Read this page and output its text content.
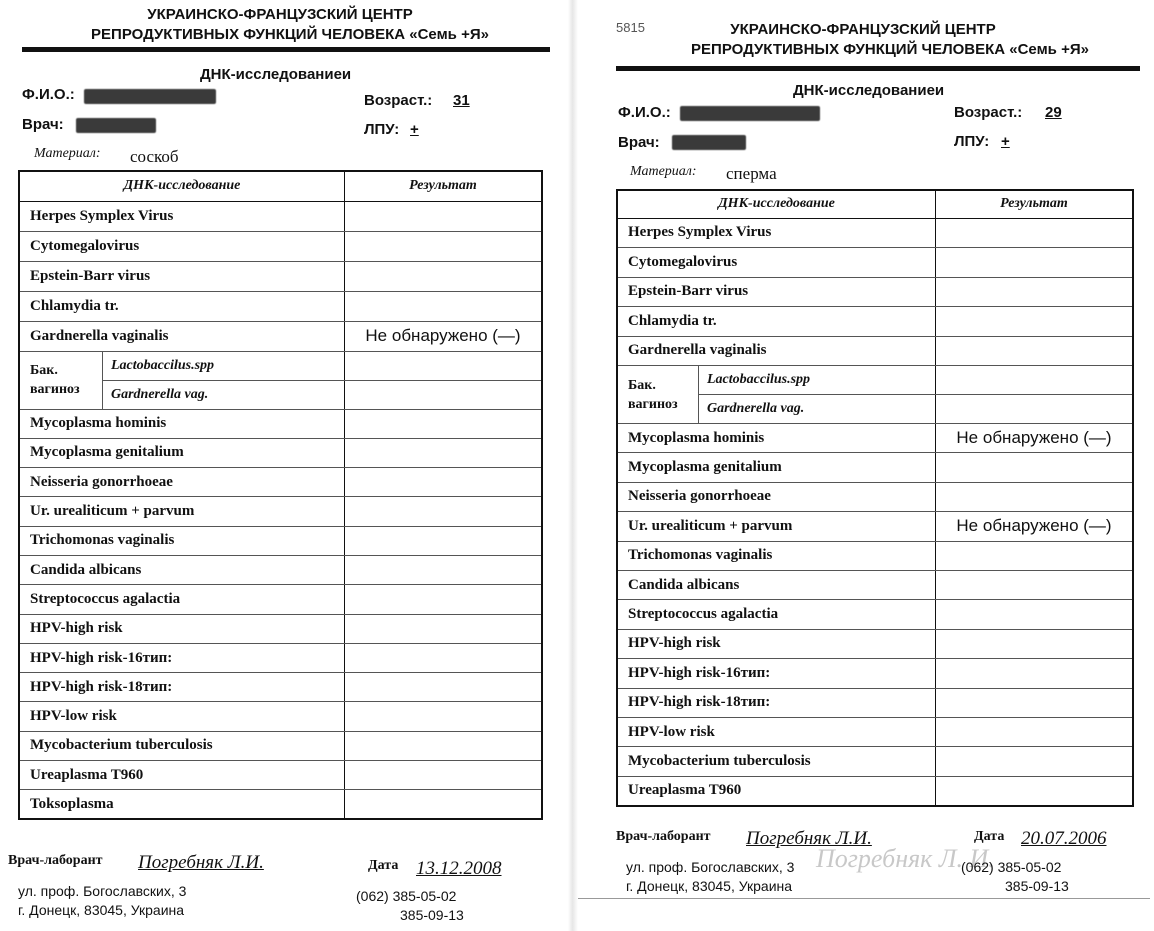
УКРАИНСКО-ФРАНЦУЗСКИЙ ЦЕНТР
РЕПРОДУКТИВНЫХ ФУНКЦИЙ ЧЕЛОВЕКА «Семь +Я»
ДНК-исследованиеи
Ф.И.О.:
Врач:
Возраст.: 31
ЛПУ: +
Материал: соскоб
ДНК-исследование		Результат
Herpes Symplex Virus		
Cytomegalovirus		
Epstein-Barr virus		
Chlamydia tr.		
Gardnerella vaginalis		Не обнаружено (—)
Бак.
вагиноз	Lactobaccilus.spp	
	Gardnerella vag.	
Mycoplasma hominis		
Mycoplasma genitalium		
Neisseria gonorrhoeae		
Ur. urealiticum + parvum		
Trichomonas vaginalis		
Candida albicans		
Streptococcus agalactia		
HPV-high risk		
HPV-high risk-16тип:		
HPV-high risk-18тип:		
HPV-low risk		
Mycobacterium tuberculosis		
Ureaplasma T960		
Toksoplasma		
Врач-лаборант Погребняк Л.И.	Дата 13.12.2008
ул. проф. Богославских, 3
г. Донецк, 83045, Украина
(062) 385-05-02
385-09-13
5815	УКРАИНСКО-ФРАНЦУЗСКИЙ ЦЕНТР
РЕПРОДУКТИВНЫХ ФУНКЦИЙ ЧЕЛОВЕКА «Семь +Я»
ДНК-исследованиеи
Ф.И.О.:
Врач:
Возраст.: 29
ЛПУ: +
Материал: сперма
ДНК-исследование		Результат
Herpes Symplex Virus		
Cytomegalovirus		
Epstein-Barr virus		
Chlamydia tr.		
Gardnerella vaginalis		
Бак.
вагиноз	Lactobaccilus.spp	
	Gardnerella vag.	
Mycoplasma hominis		Не обнаружено (—)
Mycoplasma genitalium		
Neisseria gonorrhoeae		
Ur. urealiticum + parvum		Не обнаружено (—)
Trichomonas vaginalis		
Candida albicans		
Streptococcus agalactia		
HPV-high risk		
HPV-high risk-16тип:		
HPV-high risk-18тип:		
HPV-low risk		
Mycobacterium tuberculosis		
Ureaplasma T960		
Врач-лаборант Погребняк Л.И.
Погребняк Л. И.
Дата 20.07.2006
ул. проф. Богославских, 3
г. Донецк, 83045, Украина
(062) 385-05-02
385-09-13
